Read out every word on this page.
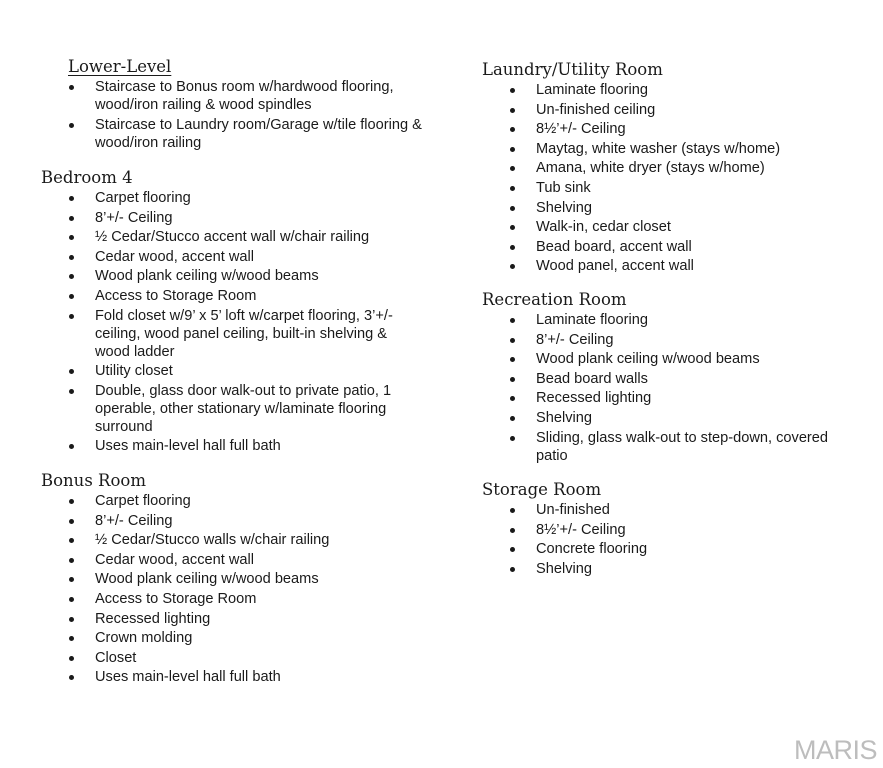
Lower-Level
Staircase to Bonus room w/hardwood flooring, wood/iron railing & wood spindles
Staircase to Laundry room/Garage w/tile flooring & wood/iron railing
Bedroom 4
Carpet flooring
8’+/- Ceiling
½ Cedar/Stucco accent wall w/chair railing
Cedar wood, accent wall
Wood plank ceiling w/wood beams
Access to Storage Room
Fold closet w/9’ x 5’ loft w/carpet flooring, 3’+/- ceiling, wood panel ceiling, built-in shelving & wood ladder
Utility closet
Double, glass door walk-out to private patio, 1 operable, other stationary w/laminate flooring surround
Uses main-level hall full bath
Bonus Room
Carpet flooring
8’+/- Ceiling
½ Cedar/Stucco walls w/chair railing
Cedar wood, accent wall
Wood plank ceiling w/wood beams
Access to Storage Room
Recessed lighting
Crown molding
Closet
Uses main-level hall full bath
Laundry/Utility Room
Laminate flooring
Un-finished ceiling
8½’+/- Ceiling
Maytag, white washer (stays w/home)
Amana, white dryer (stays w/home)
Tub sink
Shelving
Walk-in, cedar closet
Bead board, accent wall
Wood panel, accent wall
Recreation Room
Laminate flooring
8’+/- Ceiling
Wood plank ceiling w/wood beams
Bead board walls
Recessed lighting
Shelving
Sliding, glass walk-out to step-down, covered patio
Storage Room
Un-finished
8½’+/- Ceiling
Concrete flooring
Shelving
MARIS
